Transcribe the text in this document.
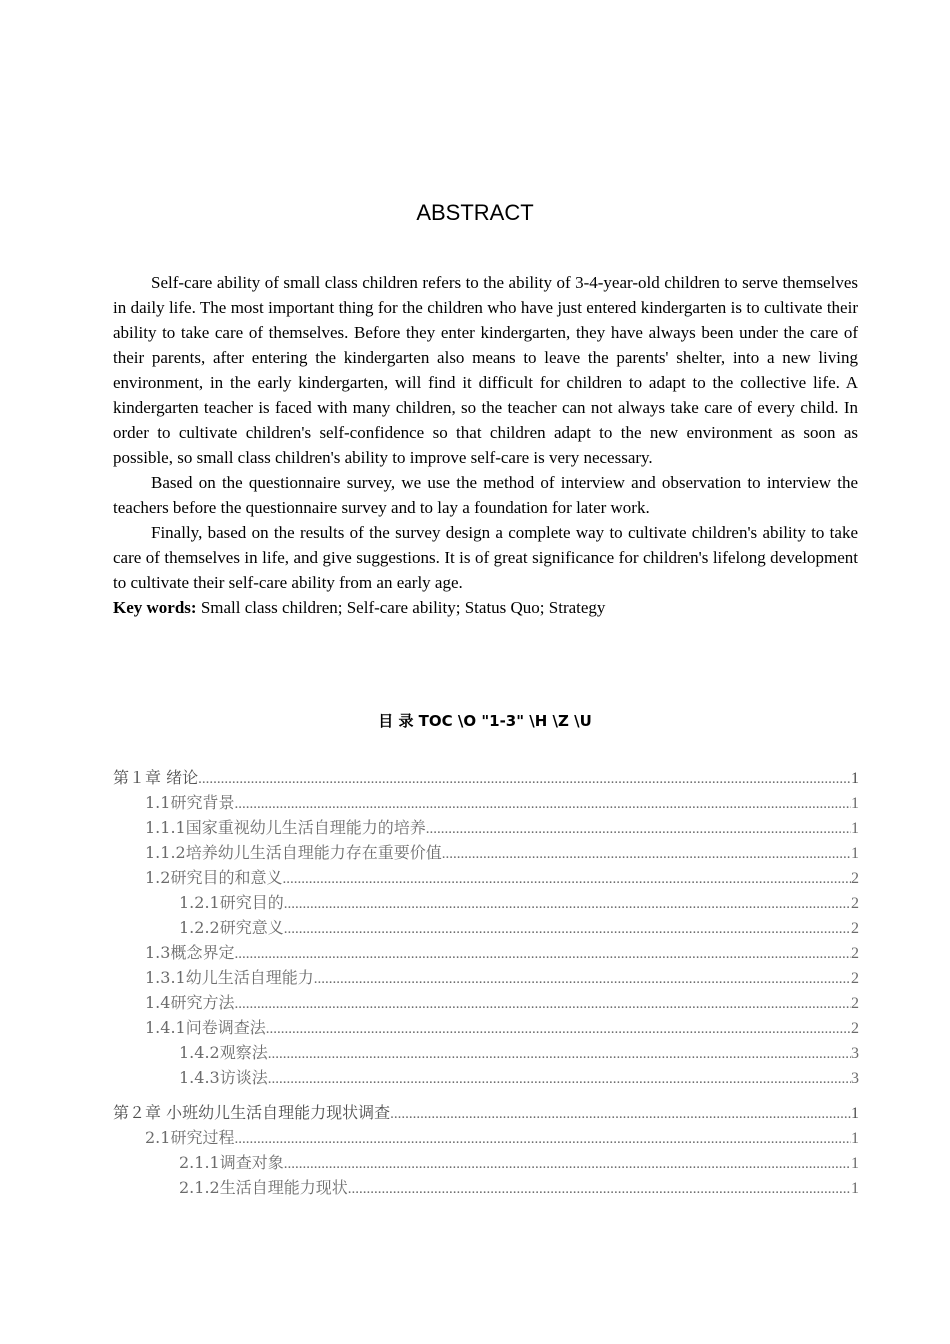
ABSTRACT

Self-care ability of small class children refers to the ability of 3-4-year-old children to serve themselves in daily life. The most important thing for the children who have just entered kindergarten is to cultivate their ability to take care of themselves. Before they enter kindergarten, they have always been under the care of their parents, after entering the kindergarten also means to leave the parents' shelter, into a new living environment, in the early kindergarten, will find it difficult for children to adapt to the collective life. A kindergarten teacher is faced with many children, so the teacher can not always take care of every child. In order to cultivate children's self-confidence so that children adapt to the new environment as soon as possible, so small class children's ability to improve self-care is very necessary.

Based on the questionnaire survey, we use the method of interview and observation to interview the teachers before the questionnaire survey and to lay a foundation for later work.

Finally, based on the results of the survey design a complete way to cultivate children's ability to take care of themselves in life, and give suggestions. It is of great significance for children's lifelong development to cultivate their self-care ability from an early age.

Key words: Small class children; Self-care ability; Status Quo; Strategy

目 录 TOC \O "1-3" \H \Z \U
第１章 绪论 .....	1
1.1研究背景 .....	1
1.1.1国家重视幼儿生活自理能力的培养 .....	1
1.1.2培养幼儿生活自理能力存在重要价值 .....	1
1.2研究目的和意义 .....	2
1.2.1研究目的 .....	2
1.2.2研究意义 .....	2
1.3概念界定 .....	2
1.3.1幼儿生活自理能力 .....	2
1.4研究方法 .....	2
1.4.1问卷调查法 .....	2
1.4.2观察法 .....	3
1.4.3访谈法 .....	3
第２章 小班幼儿生活自理能力现状调查 .....	1
2.1研究过程 .....	1
2.1.1调查对象 .....	1
2.1.2生活自理能力现状 .....	1
